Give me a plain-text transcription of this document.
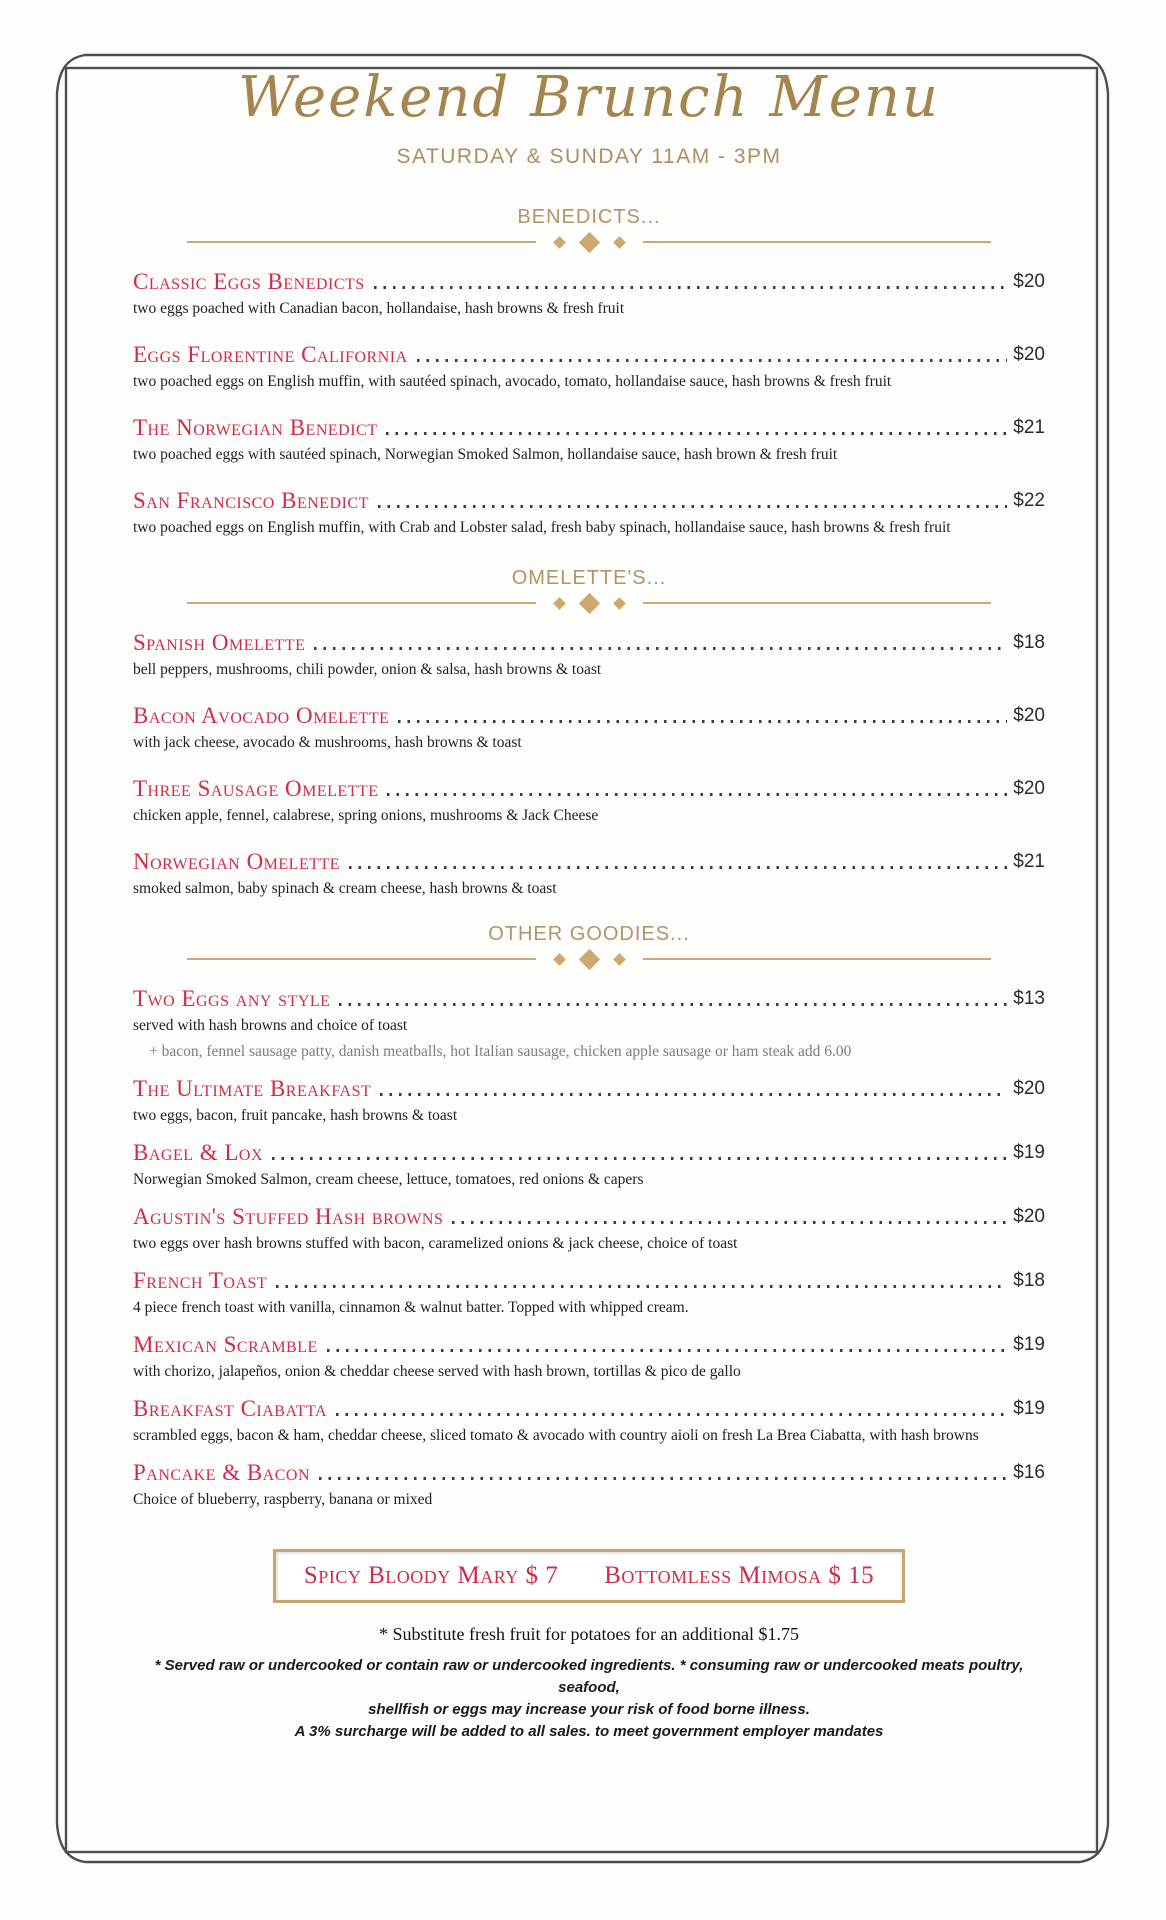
Weekend Brunch Menu
SATURDAY & SUNDAY 11AM - 3PM
BENEDICTS...
Classic Eggs Benedicts	$20
two eggs poached with Canadian bacon, hollandaise, hash browns & fresh fruit
Eggs Florentine California	$20
two poached eggs on English muffin, with sautéed spinach, avocado, tomato, hollandaise sauce, hash browns & fresh fruit
The Norwegian Benedict	$21
two poached eggs with sautéed spinach, Norwegian Smoked Salmon, hollandaise sauce, hash brown & fresh fruit
San Francisco Benedict	$22
two poached eggs on English muffin, with Crab and Lobster salad, fresh baby spinach, hollandaise sauce, hash browns & fresh fruit
OMELETTE'S...
Spanish Omelette	$18
bell peppers, mushrooms, chili powder, onion & salsa, hash browns & toast
Bacon Avocado Omelette	$20
with jack cheese, avocado & mushrooms, hash browns & toast
Three Sausage Omelette	$20
chicken apple, fennel, calabrese, spring onions, mushrooms & Jack Cheese
Norwegian Omelette	$21
smoked salmon, baby spinach & cream cheese, hash browns & toast
OTHER GOODIES...
Two Eggs any style	$13
served with hash browns and choice of toast
+ bacon, fennel sausage patty, danish meatballs, hot Italian sausage, chicken apple sausage or ham steak add 6.00
The Ultimate Breakfast	$20
two eggs, bacon, fruit pancake, hash browns & toast
Bagel & Lox	$19
Norwegian Smoked Salmon, cream cheese, lettuce, tomatoes, red onions & capers
Agustin's Stuffed Hash browns	$20
two eggs over hash browns stuffed with bacon, caramelized onions & jack cheese, choice of toast
French Toast	$18
4 piece french toast with vanilla, cinnamon & walnut batter. Topped with whipped cream.
Mexican Scramble	$19
with chorizo, jalapeños, onion & cheddar cheese served with hash brown, tortillas & pico de gallo
Breakfast Ciabatta	$19
scrambled eggs, bacon & ham, cheddar cheese, sliced tomato & avocado with country aioli on fresh La Brea Ciabatta, with hash browns
Pancake & Bacon	$16
Choice of blueberry, raspberry, banana or mixed
Spicy Bloody Mary $ 7 Bottomless Mimosa $ 15
* Substitute fresh fruit for potatoes for an additional $1.75
* Served raw or undercooked or contain raw or undercooked ingredients. * consuming raw or undercooked meats poultry, seafood,
shellfish or eggs may increase your risk of food borne illness.
A 3% surcharge will be added to all sales. to meet government employer mandates
